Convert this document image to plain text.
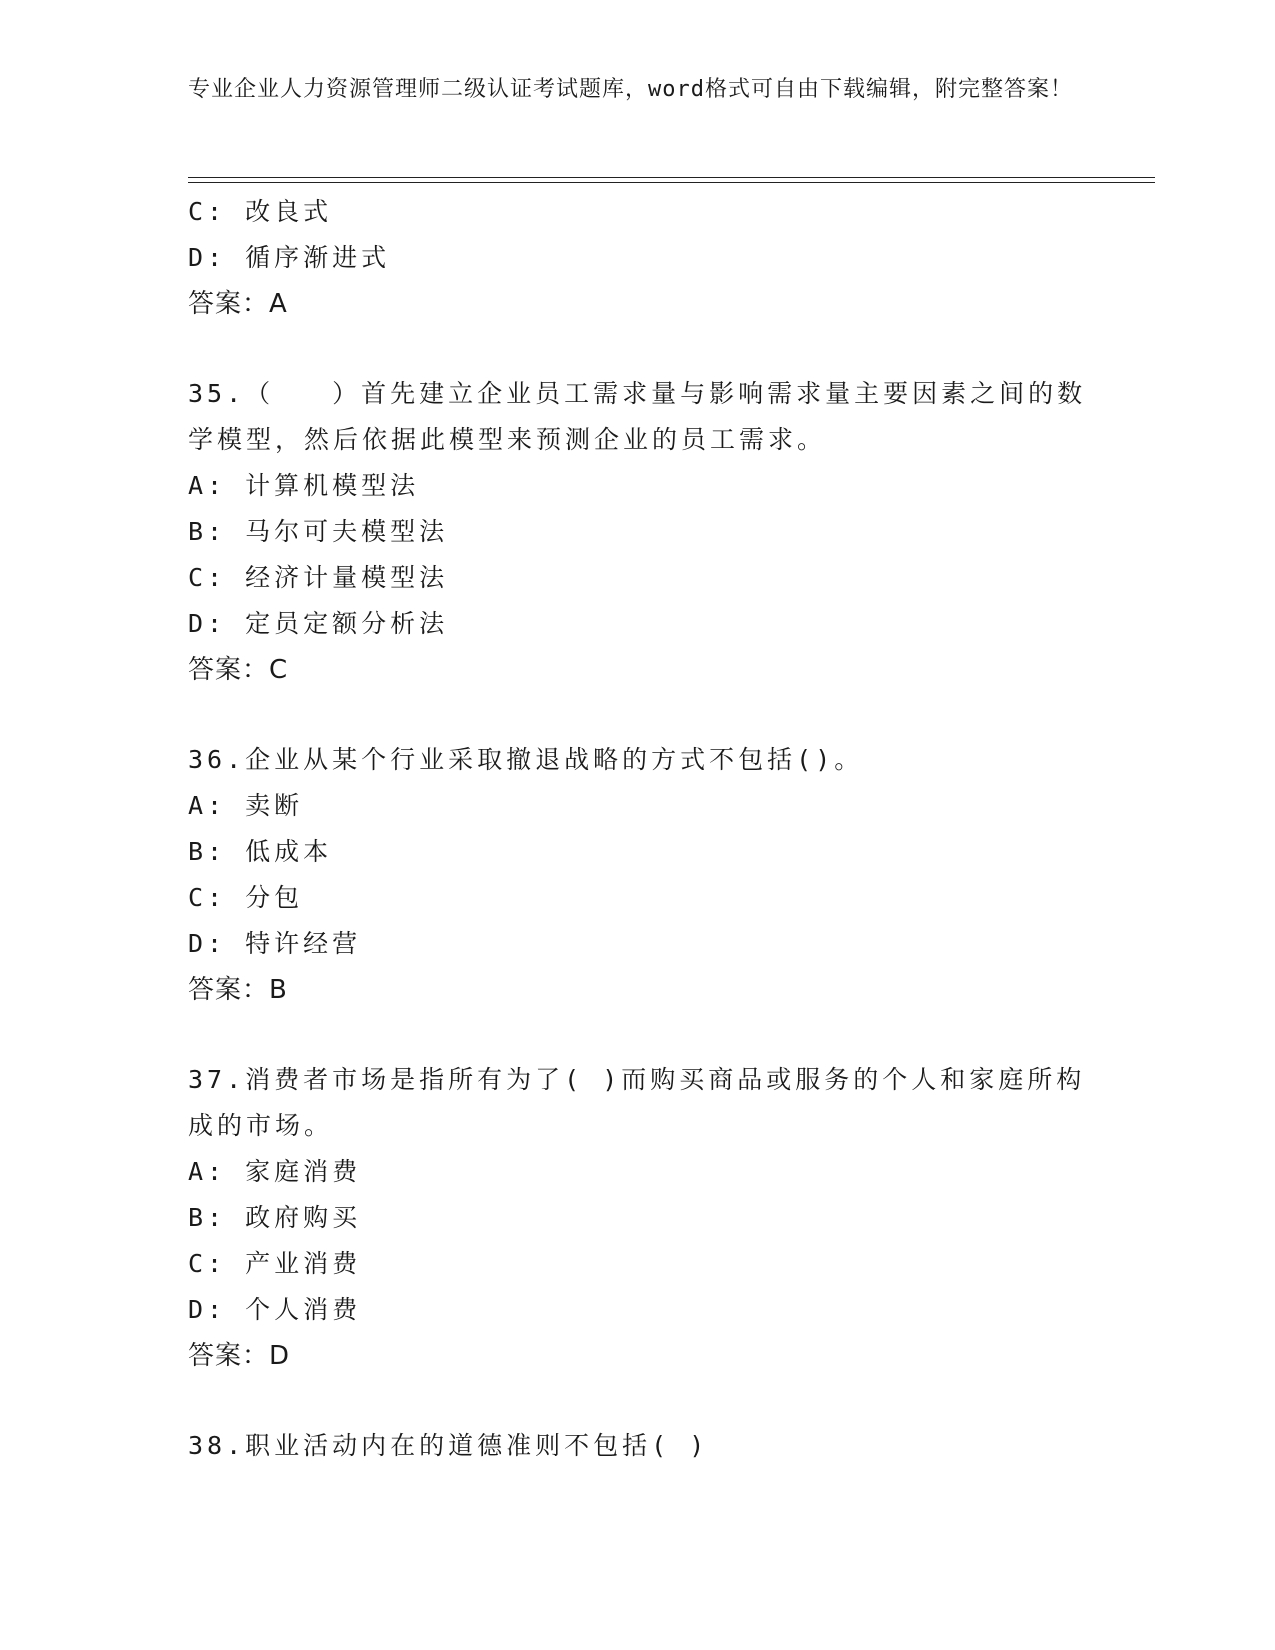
专业企业人力资源管理师二级认证考试题库，word格式可自由下载编辑，附完整答案！
C: 改良式
D: 循序渐进式
答案：A
35.（　　）首先建立企业员工需求量与影响需求量主要因素之间的数学模型，然后依据此模型来预测企业的员工需求。
A: 计算机模型法
B: 马尔可夫模型法
C: 经济计量模型法
D: 定员定额分析法
答案：C
36.企业从某个行业采取撤退战略的方式不包括()。
A: 卖断
B: 低成本
C: 分包
D: 特许经营
答案：B
37.消费者市场是指所有为了( )而购买商品或服务的个人和家庭所构成的市场。
A: 家庭消费
B: 政府购买
C: 产业消费
D: 个人消费
答案：D
38.职业活动内在的道德准则不包括( )
